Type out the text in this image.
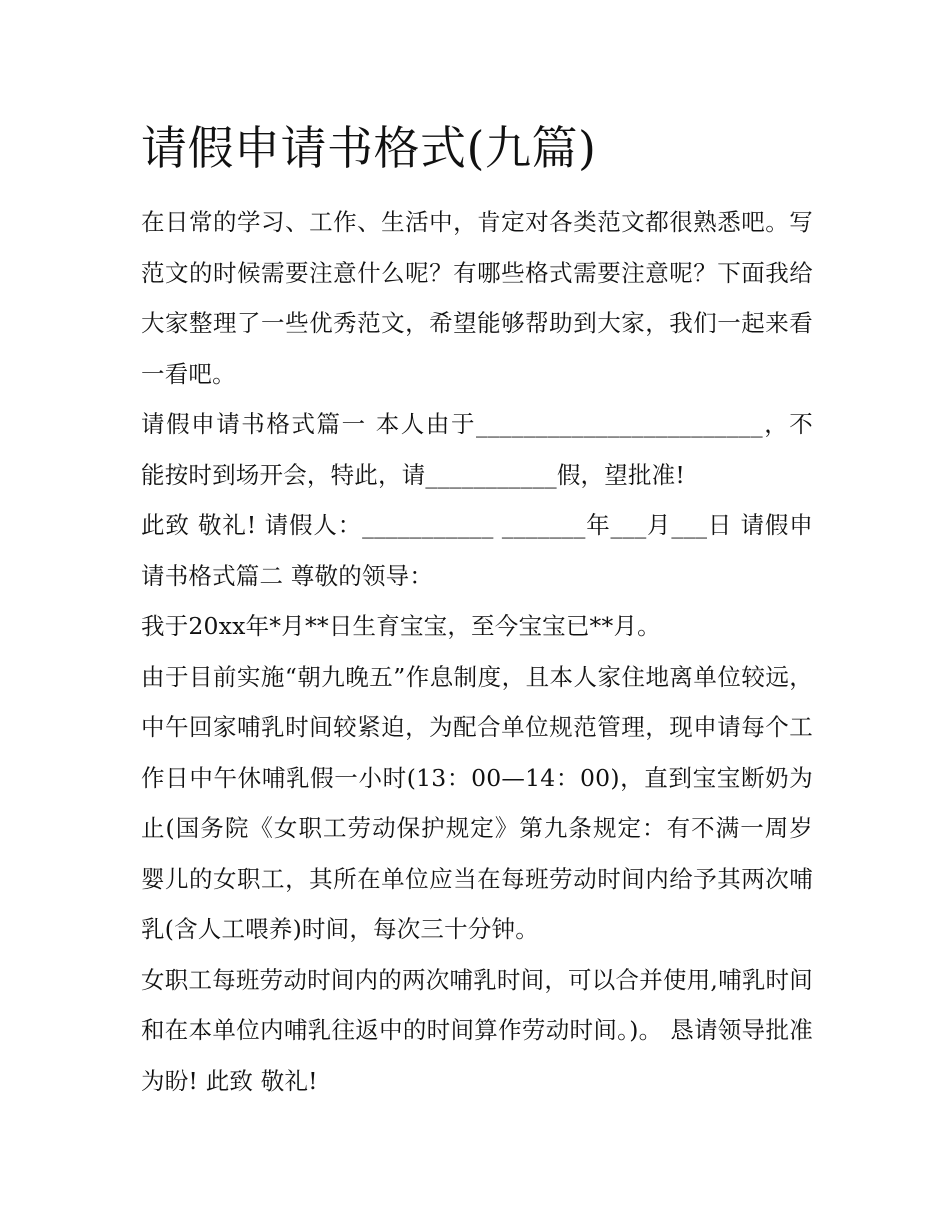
请假申请书格式(九篇)

在日常的学习、工作、生活中，肯定对各类范文都很熟悉吧。写范文的时候需要注意什么呢？有哪些格式需要注意呢？下面我给大家整理了一些优秀范文，希望能够帮助到大家，我们一起来看一看吧。

请假申请书格式篇一 本人由于________________________，不能按时到场开会，特此，请___________假，望批准!

此致 敬礼! 请假人：___________ _______年___月___日 请假申请书格式篇二 尊敬的领导：

我于20xx年*月**日生育宝宝，至今宝宝已**月。

由于目前实施“朝九晚五”作息制度，且本人家住地离单位较远，中午回家哺乳时间较紧迫，为配合单位规范管理，现申请每个工作日中午休哺乳假一小时(13：00—14：00)，直到宝宝断奶为止(国务院《女职工劳动保护规定》第九条规定：有不满一周岁婴儿的女职工，其所在单位应当在每班劳动时间内给予其两次哺乳(含人工喂养)时间，每次三十分钟。

女职工每班劳动时间内的两次哺乳时间，可以合并使用,哺乳时间和在本单位内哺乳往返中的时间算作劳动时间。)。 恳请领导批准为盼! 此致 敬礼!
